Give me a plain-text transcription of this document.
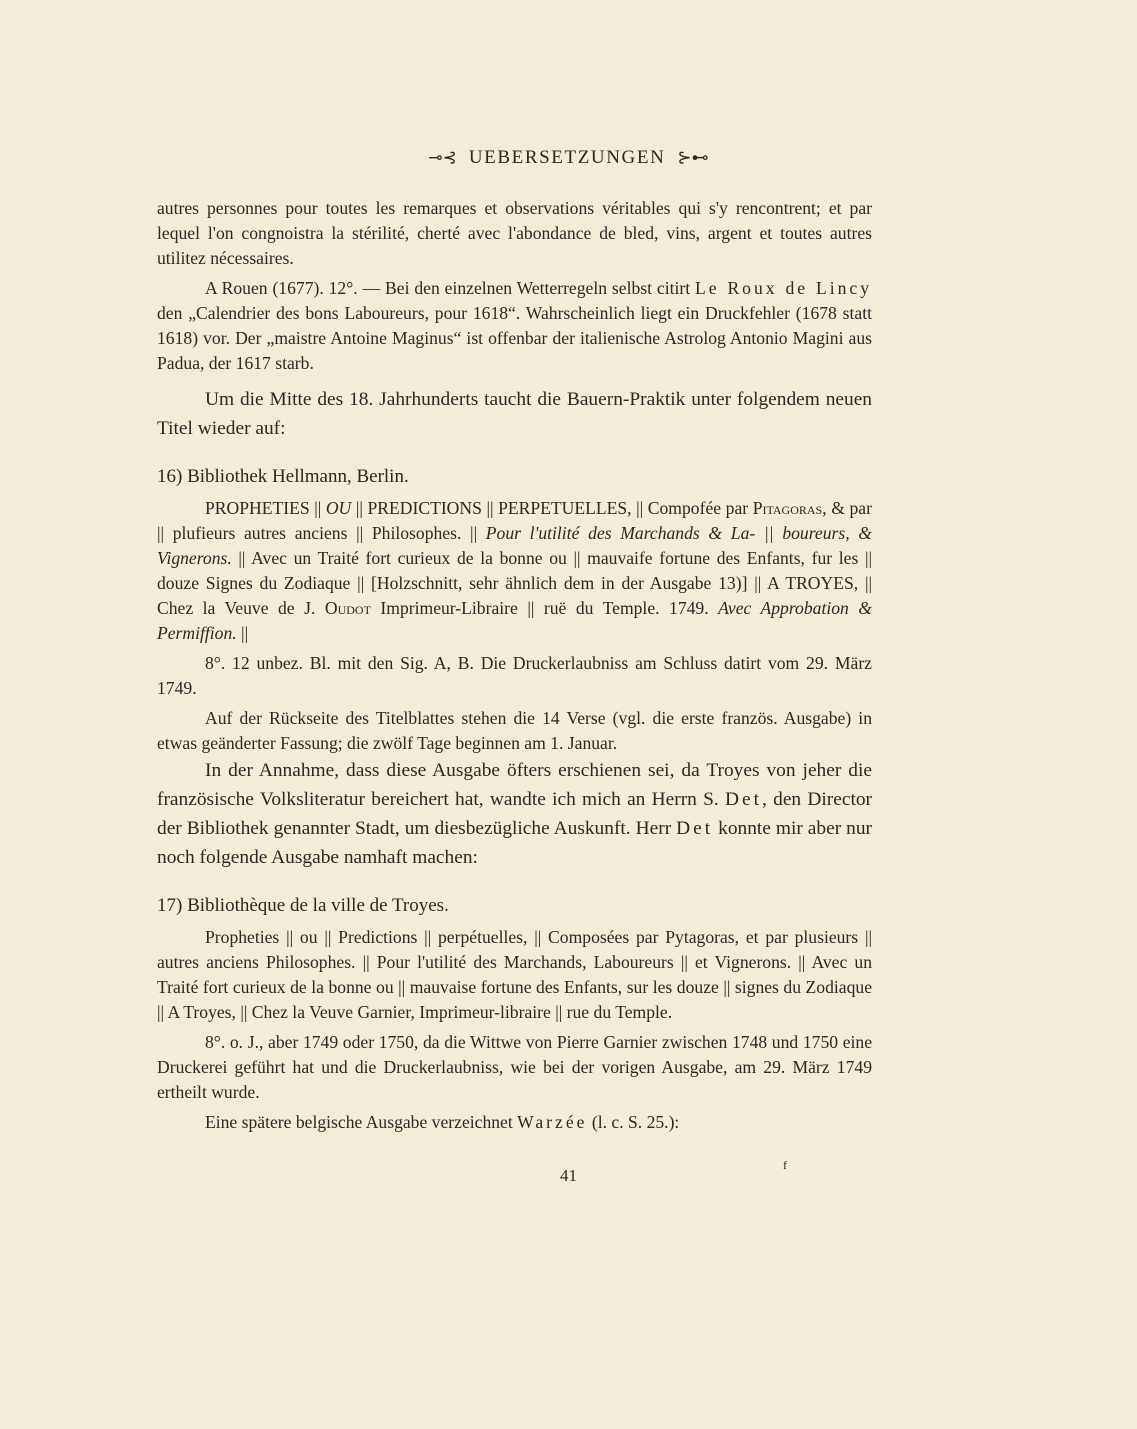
⊸⊰ UEBERSETZUNGEN ⊱⊷

autres personnes pour toutes les remarques et observations véritables qui s'y rencontrent; et par lequel l'on congnoistra la stérilité, cherté avec l'abondance de bled, vins, argent et toutes autres utilitez nécessaires.

A Rouen (1677). 12°. — Bei den einzelnen Wetterregeln selbst citirt Le Roux de Lincy den „Calendrier des bons Laboureurs, pour 1618“. Wahrscheinlich liegt ein Druckfehler (1678 statt 1618) vor. Der „maistre Antoine Maginus“ ist offenbar der italienische Astrolog Antonio Magini aus Padua, der 1617 starb.

Um die Mitte des 18. Jahrhunderts taucht die Bauern-Praktik unter folgendem neuen Titel wieder auf:

16) Bibliothek Hellmann, Berlin.

PROPHETIES || OU || PREDICTIONS || PERPETUELLES, || Compofée par Pitagoras, & par || plufieurs autres anciens || Philosophes. || Pour l'utilité des Marchands & La- || boureurs, & Vignerons. || Avec un Traité fort curieux de la bonne ou || mauvaife fortune des Enfants, fur les || douze Signes du Zodiaque || [Holzschnitt, sehr ähnlich dem in der Ausgabe 13)] || A TROYES, || Chez la Veuve de J. Oudot Imprimeur-Libraire || ruë du Temple. 1749. Avec Approbation & Permiffion. ||

8°. 12 unbez. Bl. mit den Sig. A, B. Die Druckerlaubniss am Schluss datirt vom 29. März 1749.

Auf der Rückseite des Titelblattes stehen die 14 Verse (vgl. die erste französ. Ausgabe) in etwas geänderter Fassung; die zwölf Tage beginnen am 1. Januar.

In der Annahme, dass diese Ausgabe öfters erschienen sei, da Troyes von jeher die französische Volksliteratur bereichert hat, wandte ich mich an Herrn S. Det, den Director der Bibliothek genannter Stadt, um diesbezügliche Auskunft. Herr Det konnte mir aber nur noch folgende Ausgabe namhaft machen:

17) Bibliothèque de la ville de Troyes.

Propheties || ou || Predictions || perpétuelles, || Composées par Pytagoras, et par plusieurs || autres anciens Philosophes. || Pour l'utilité des Marchands, Laboureurs || et Vignerons. || Avec un Traité fort curieux de la bonne ou || mauvaise fortune des Enfants, sur les douze || signes du Zodiaque || A Troyes, || Chez la Veuve Garnier, Imprimeur-libraire || rue du Temple.

8°. o. J., aber 1749 oder 1750, da die Wittwe von Pierre Garnier zwischen 1748 und 1750 eine Druckerei geführt hat und die Druckerlaubniss, wie bei der vorigen Ausgabe, am 29. März 1749 ertheilt wurde.

Eine spätere belgische Ausgabe verzeichnet Warzée (l. c. S. 25.):

41
f
